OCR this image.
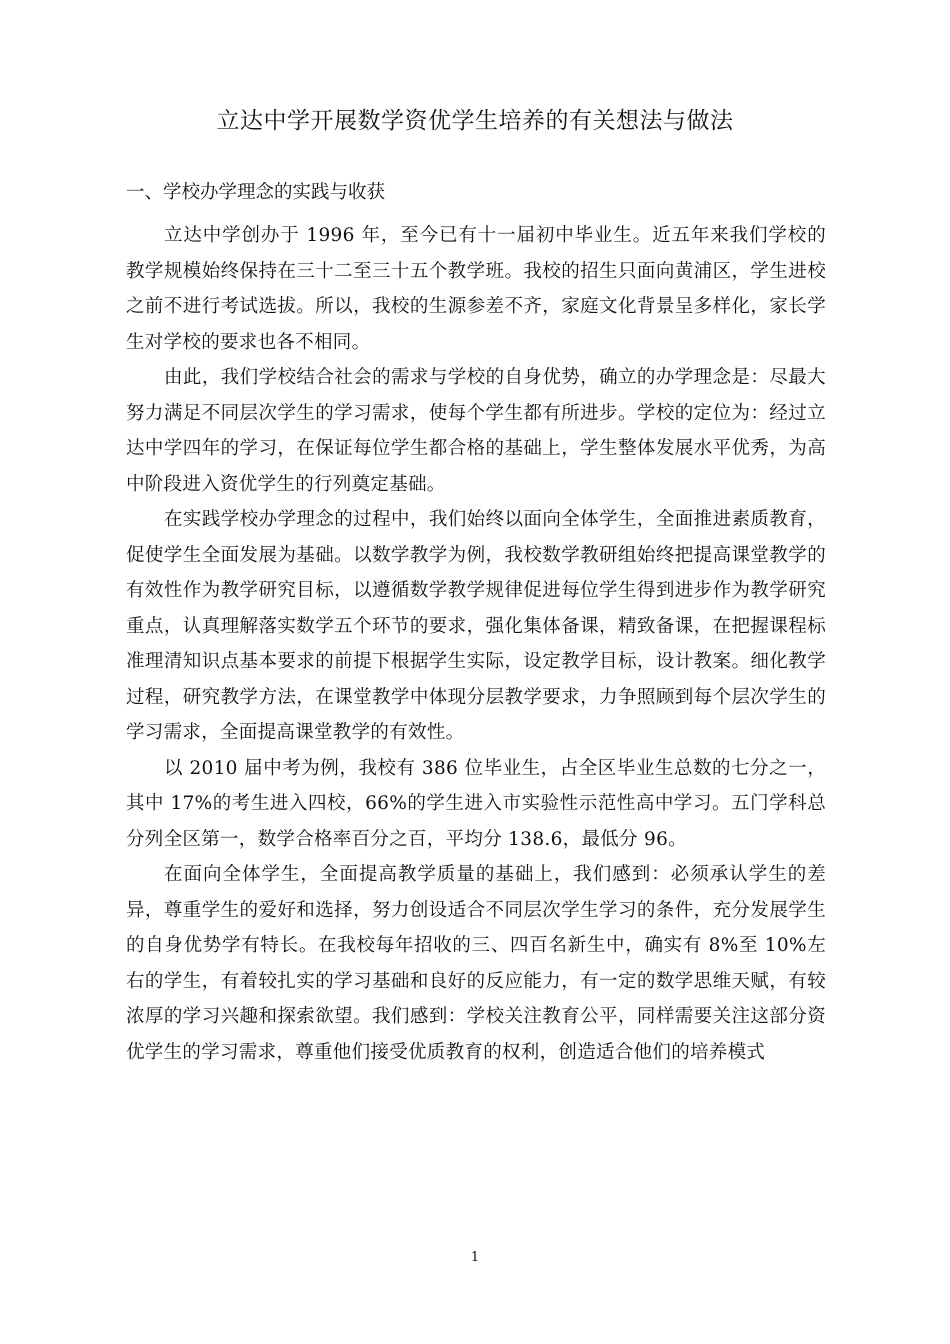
立达中学开展数学资优学生培养的有关想法与做法
一、学校办学理念的实践与收获

立达中学创办于 1996 年，至今已有十一届初中毕业生。近五年来我们学校的教学规模始终保持在三十二至三十五个教学班。我校的招生只面向黄浦区，学生进校之前不进行考试选拔。所以，我校的生源参差不齐，家庭文化背景呈多样化，家长学生对学校的要求也各不相同。

由此，我们学校结合社会的需求与学校的自身优势，确立的办学理念是：尽最大努力满足不同层次学生的学习需求，使每个学生都有所进步。学校的定位为：经过立达中学四年的学习，在保证每位学生都合格的基础上，学生整体发展水平优秀，为高中阶段进入资优学生的行列奠定基础。

在实践学校办学理念的过程中，我们始终以面向全体学生，全面推进素质教育，促使学生全面发展为基础。以数学教学为例，我校数学教研组始终把提高课堂教学的有效性作为教学研究目标，以遵循数学教学规律促进每位学生得到进步作为教学研究重点，认真理解落实数学五个环节的要求，强化集体备课，精致备课，在把握课程标准理清知识点基本要求的前提下根据学生实际，设定教学目标，设计教案。细化教学过程，研究教学方法，在课堂教学中体现分层教学要求，力争照顾到每个层次学生的学习需求，全面提高课堂教学的有效性。

以 2010 届中考为例，我校有 386 位毕业生，占全区毕业生总数的七分之一，其中 17%的考生进入四校，66%的学生进入市实验性示范性高中学习。五门学科总分列全区第一，数学合格率百分之百，平均分 138.6，最低分 96。

在面向全体学生，全面提高教学质量的基础上，我们感到：必须承认学生的差异，尊重学生的爱好和选择，努力创设适合不同层次学生学习的条件，充分发展学生的自身优势学有特长。在我校每年招收的三、四百名新生中，确实有 8%至 10%左右的学生，有着较扎实的学习基础和良好的反应能力，有一定的数学思维天赋，有较浓厚的学习兴趣和探索欲望。我们感到：学校关注教育公平，同样需要关注这部分资优学生的学习需求，尊重他们接受优质教育的权利，创造适合他们的培养模式

1
